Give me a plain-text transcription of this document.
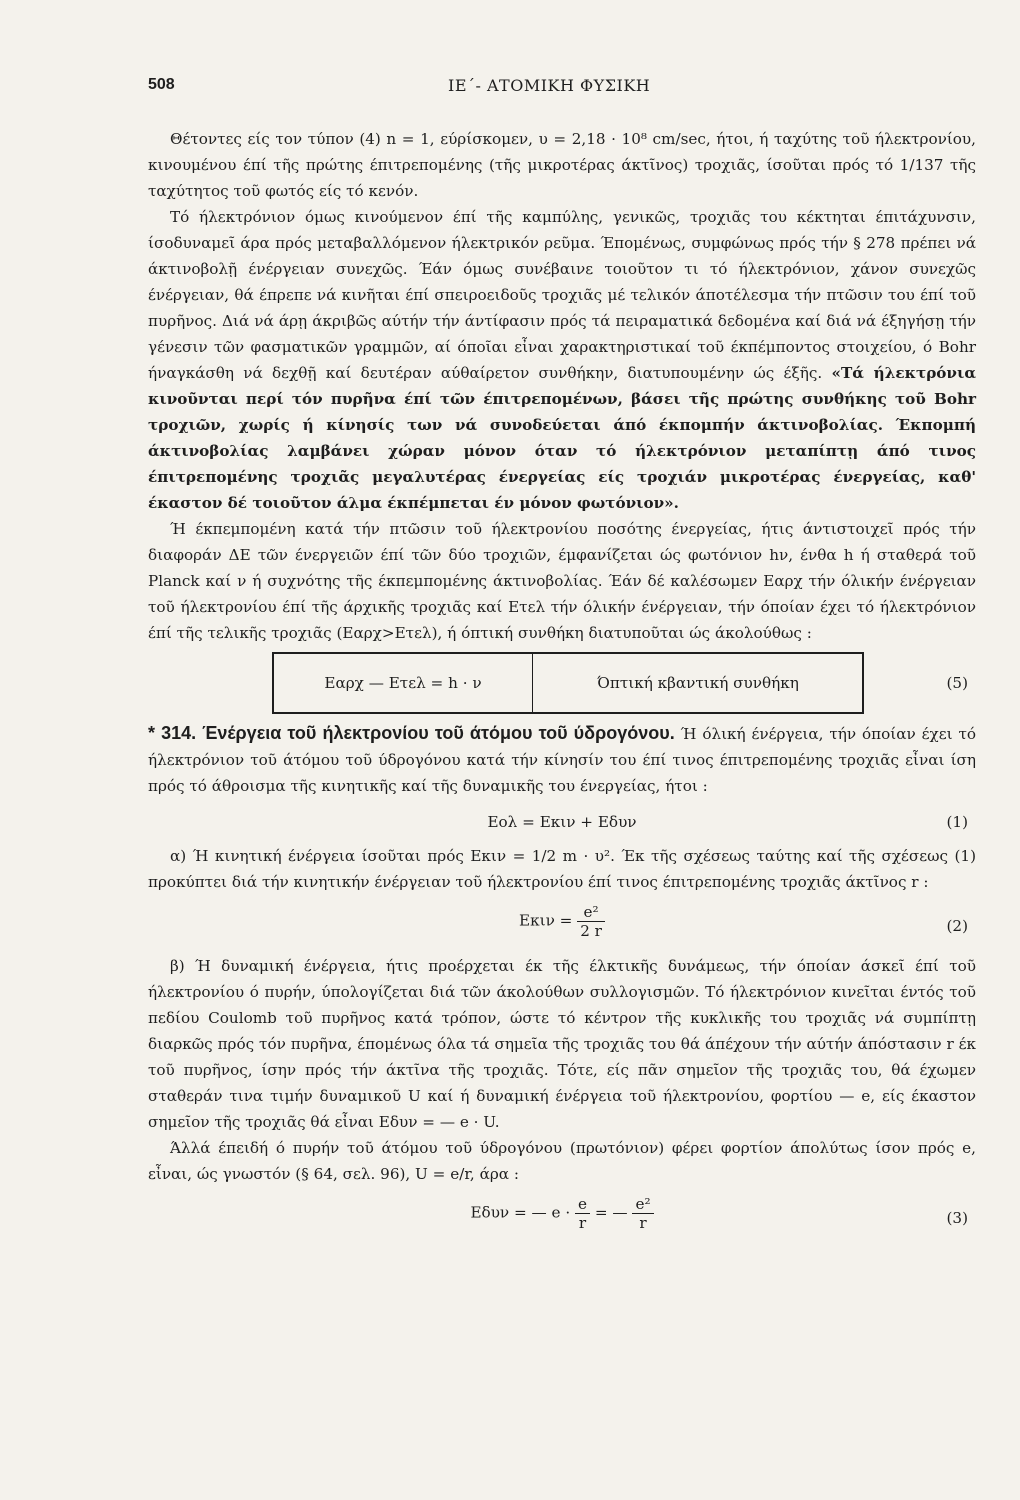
508	ΙΕ΄- ΑΤΟΜΙΚΗ ΦΥΣΙΚΗ

Θέτοντες είς τον τύπον (4) n = 1, εύρίσκομεν, υ = 2,18 · 10⁸ cm/sec, ήτοι, ή ταχύτης τοῦ ήλεκτρονίου, κινουμένου έπί τῆς πρώτης έπιτρεπομένης (τῆς μικροτέρας άκτῖνος) τροχιᾶς, ίσοῦται πρός τό 1/137 τῆς ταχύτητος τοῦ φωτός είς τό κενόν.

Τό ήλεκτρόνιον όμως κινούμενον έπί τῆς καμπύλης, γενικῶς, τροχιᾶς του κέκτηται έπιτάχυνσιν, ίσοδυναμεῖ άρα πρός μεταβαλλόμενον ήλεκτρικόν ρεῦμα. Έπομένως, συμφώνως πρός τήν § 278 πρέπει νά άκτινοβολῇ ένέργειαν συνεχῶς. Έάν όμως συνέβαινε τοιοῦτον τι τό ήλεκτρόνιον, χάνον συνεχῶς ένέργειαν, θά έπρεπε νά κινῆται έπί σπειροειδοῦς τροχιᾶς μέ τελικόν άποτέλεσμα τήν πτῶσιν του έπί τοῦ πυρῆνος. Διά νά άρῃ άκριβῶς αύτήν τήν άντίφασιν πρός τά πειραματικά δεδομένα καί διά νά έξηγήσῃ τήν γένεσιν τῶν φασματικῶν γραμμῶν, αί όποῖαι εἶναι χαρακτηριστικαί τοῦ έκπέμποντος στοιχείου, ό Bohr ήναγκάσθη νά δεχθῇ καί δευτέραν αύθαίρετον συνθήκην, διατυπουμένην ώς έξῆς. «Τά ήλεκτρόνια κινοῦνται περί τόν πυρῆνα έπί τῶν έπιτρεπομένων, βάσει τῆς πρώτης συνθήκης τοῦ Bohr τροχιῶν, χωρίς ή κίνησίς των νά συνοδεύεται άπό έκπομπήν άκτινοβολίας. Έκπομπή άκτινοβολίας λαμβάνει χώραν μόνον όταν τό ήλεκτρόνιον μεταπίπτῃ άπό τινος έπιτρεπομένης τροχιᾶς μεγαλυτέρας ένεργείας είς τροχιάν μικροτέρας ένεργείας, καθ' έκαστον δέ τοιοῦτον άλμα έκπέμπεται έν μόνον φωτόνιον».

Ή έκπεμπομένη κατά τήν πτῶσιν τοῦ ήλεκτρονίου ποσότης ένεργείας, ήτις άντιστοιχεῖ πρός τήν διαφοράν ΔΕ τῶν ένεργειῶν έπί τῶν δύο τροχιῶν, έμφανίζεται ώς φωτόνιον hν, ένθα h ή σταθερά τοῦ Planck καί ν ή συχνότης τῆς έκπεμπομένης άκτινοβολίας. Έάν δέ καλέσωμεν Εαρχ τήν όλικήν ένέργειαν τοῦ ήλεκτρονίου έπί τῆς άρχικῆς τροχιᾶς καί Ετελ τήν όλικήν ένέργειαν, τήν όποίαν έχει τό ήλεκτρόνιον έπί τῆς τελικῆς τροχιᾶς (Εαρχ>Ετελ), ή όπτική συνθήκη διατυποῦται ώς άκολούθως :

Εαρχ — Ετελ = h · ν	Όπτική κβαντική συνθήκη	(5)

* 314. Ένέργεια τοῦ ήλεκτρονίου τοῦ άτόμου τοῦ ύδρογόνου. Ή όλική ένέργεια, τήν όποίαν έχει τό ήλεκτρόνιον τοῦ άτόμου τοῦ ύδρογόνου κατά τήν κίνησίν του έπί τινος έπιτρεπομένης τροχιᾶς εἶναι ίση πρός τό άθροισμα τῆς κινητικῆς καί τῆς δυναμικῆς του ένεργείας, ήτοι :

Εολ = Εκιν + Εδυν	(1)

α) Ή κινητική ένέργεια ίσοῦται πρός Εκιν = 1/2 m · υ². Έκ τῆς σχέσεως ταύτης καί τῆς σχέσεως (1) προκύπτει διά τήν κινητικήν ένέργειαν τοῦ ήλεκτρονίου έπί τινος έπιτρεπομένης τροχιᾶς άκτῖνος r :

$E\kappa\iota\nu = \frac{\text{e²}}{2 r}$	(2)

β) Ή δυναμική ένέργεια, ήτις προέρχεται έκ τῆς έλκτικῆς δυνάμεως, τήν όποίαν άσκεῖ έπί τοῦ ήλεκτρονίου ό πυρήν, ύπολογίζεται διά τῶν άκολούθων συλλογισμῶν. Τό ήλεκτρόνιον κινεῖται έντός τοῦ πεδίου Coulomb τοῦ πυρῆνος κατά τρόπον, ώστε τό κέντρον τῆς κυκλικῆς του τροχιᾶς νά συμπίπτῃ διαρκῶς πρός τόν πυρῆνα, έπομένως όλα τά σημεῖα τῆς τροχιᾶς του θά άπέχουν τήν αύτήν άπόστασιν r έκ τοῦ πυρῆνος, ίσην πρός τήν άκτῖνα τῆς τροχιᾶς. Τότε, είς πᾶν σημεῖον τῆς τροχιᾶς του, θά έχωμεν σταθεράν τινα τιμήν δυναμικοῦ U καί ή δυναμική ένέργεια τοῦ ήλεκτρονίου, φορτίου — e, είς έκαστον σημεῖον τῆς τροχιᾶς θά εἶναι Εδυν = — e · U.

Άλλά έπειδή ό πυρήν τοῦ άτόμου τοῦ ύδρογόνου (πρωτόνιον) φέρει φορτίον άπολύτως ίσον πρός e, εἶναι, ώς γνωστόν (§ 64, σελ. 96), U = e/r, άρα :

Εδυν = — $e \cdot \frac{e}{r}$ = — $\frac{\text{e²}}{r}$	(3)
